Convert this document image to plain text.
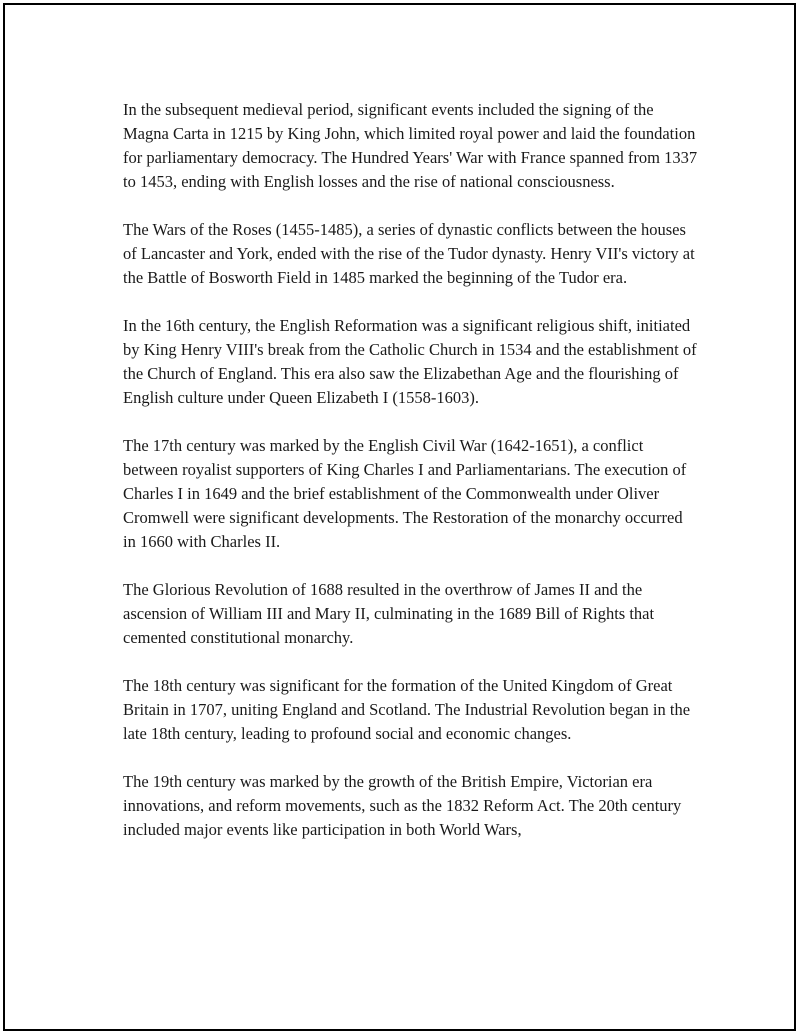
In the subsequent medieval period, significant events included the signing of the Magna Carta in 1215 by King John, which limited royal power and laid the foundation for parliamentary democracy. The Hundred Years' War with France spanned from 1337 to 1453, ending with English losses and the rise of national consciousness.

The Wars of the Roses (1455-1485), a series of dynastic conflicts between the houses of Lancaster and York, ended with the rise of the Tudor dynasty. Henry VII's victory at the Battle of Bosworth Field in 1485 marked the beginning of the Tudor era.

In the 16th century, the English Reformation was a significant religious shift, initiated by King Henry VIII's break from the Catholic Church in 1534 and the establishment of the Church of England. This era also saw the Elizabethan Age and the flourishing of English culture under Queen Elizabeth I (1558-1603).

The 17th century was marked by the English Civil War (1642-1651), a conflict between royalist supporters of King Charles I and Parliamentarians. The execution of Charles I in 1649 and the brief establishment of the Commonwealth under Oliver Cromwell were significant developments. The Restoration of the monarchy occurred in 1660 with Charles II.

The Glorious Revolution of 1688 resulted in the overthrow of James II and the ascension of William III and Mary II, culminating in the 1689 Bill of Rights that cemented constitutional monarchy.

The 18th century was significant for the formation of the United Kingdom of Great Britain in 1707, uniting England and Scotland. The Industrial Revolution began in the late 18th century, leading to profound social and economic changes.

The 19th century was marked by the growth of the British Empire, Victorian era innovations, and reform movements, such as the 1832 Reform Act. The 20th century included major events like participation in both World Wars,
